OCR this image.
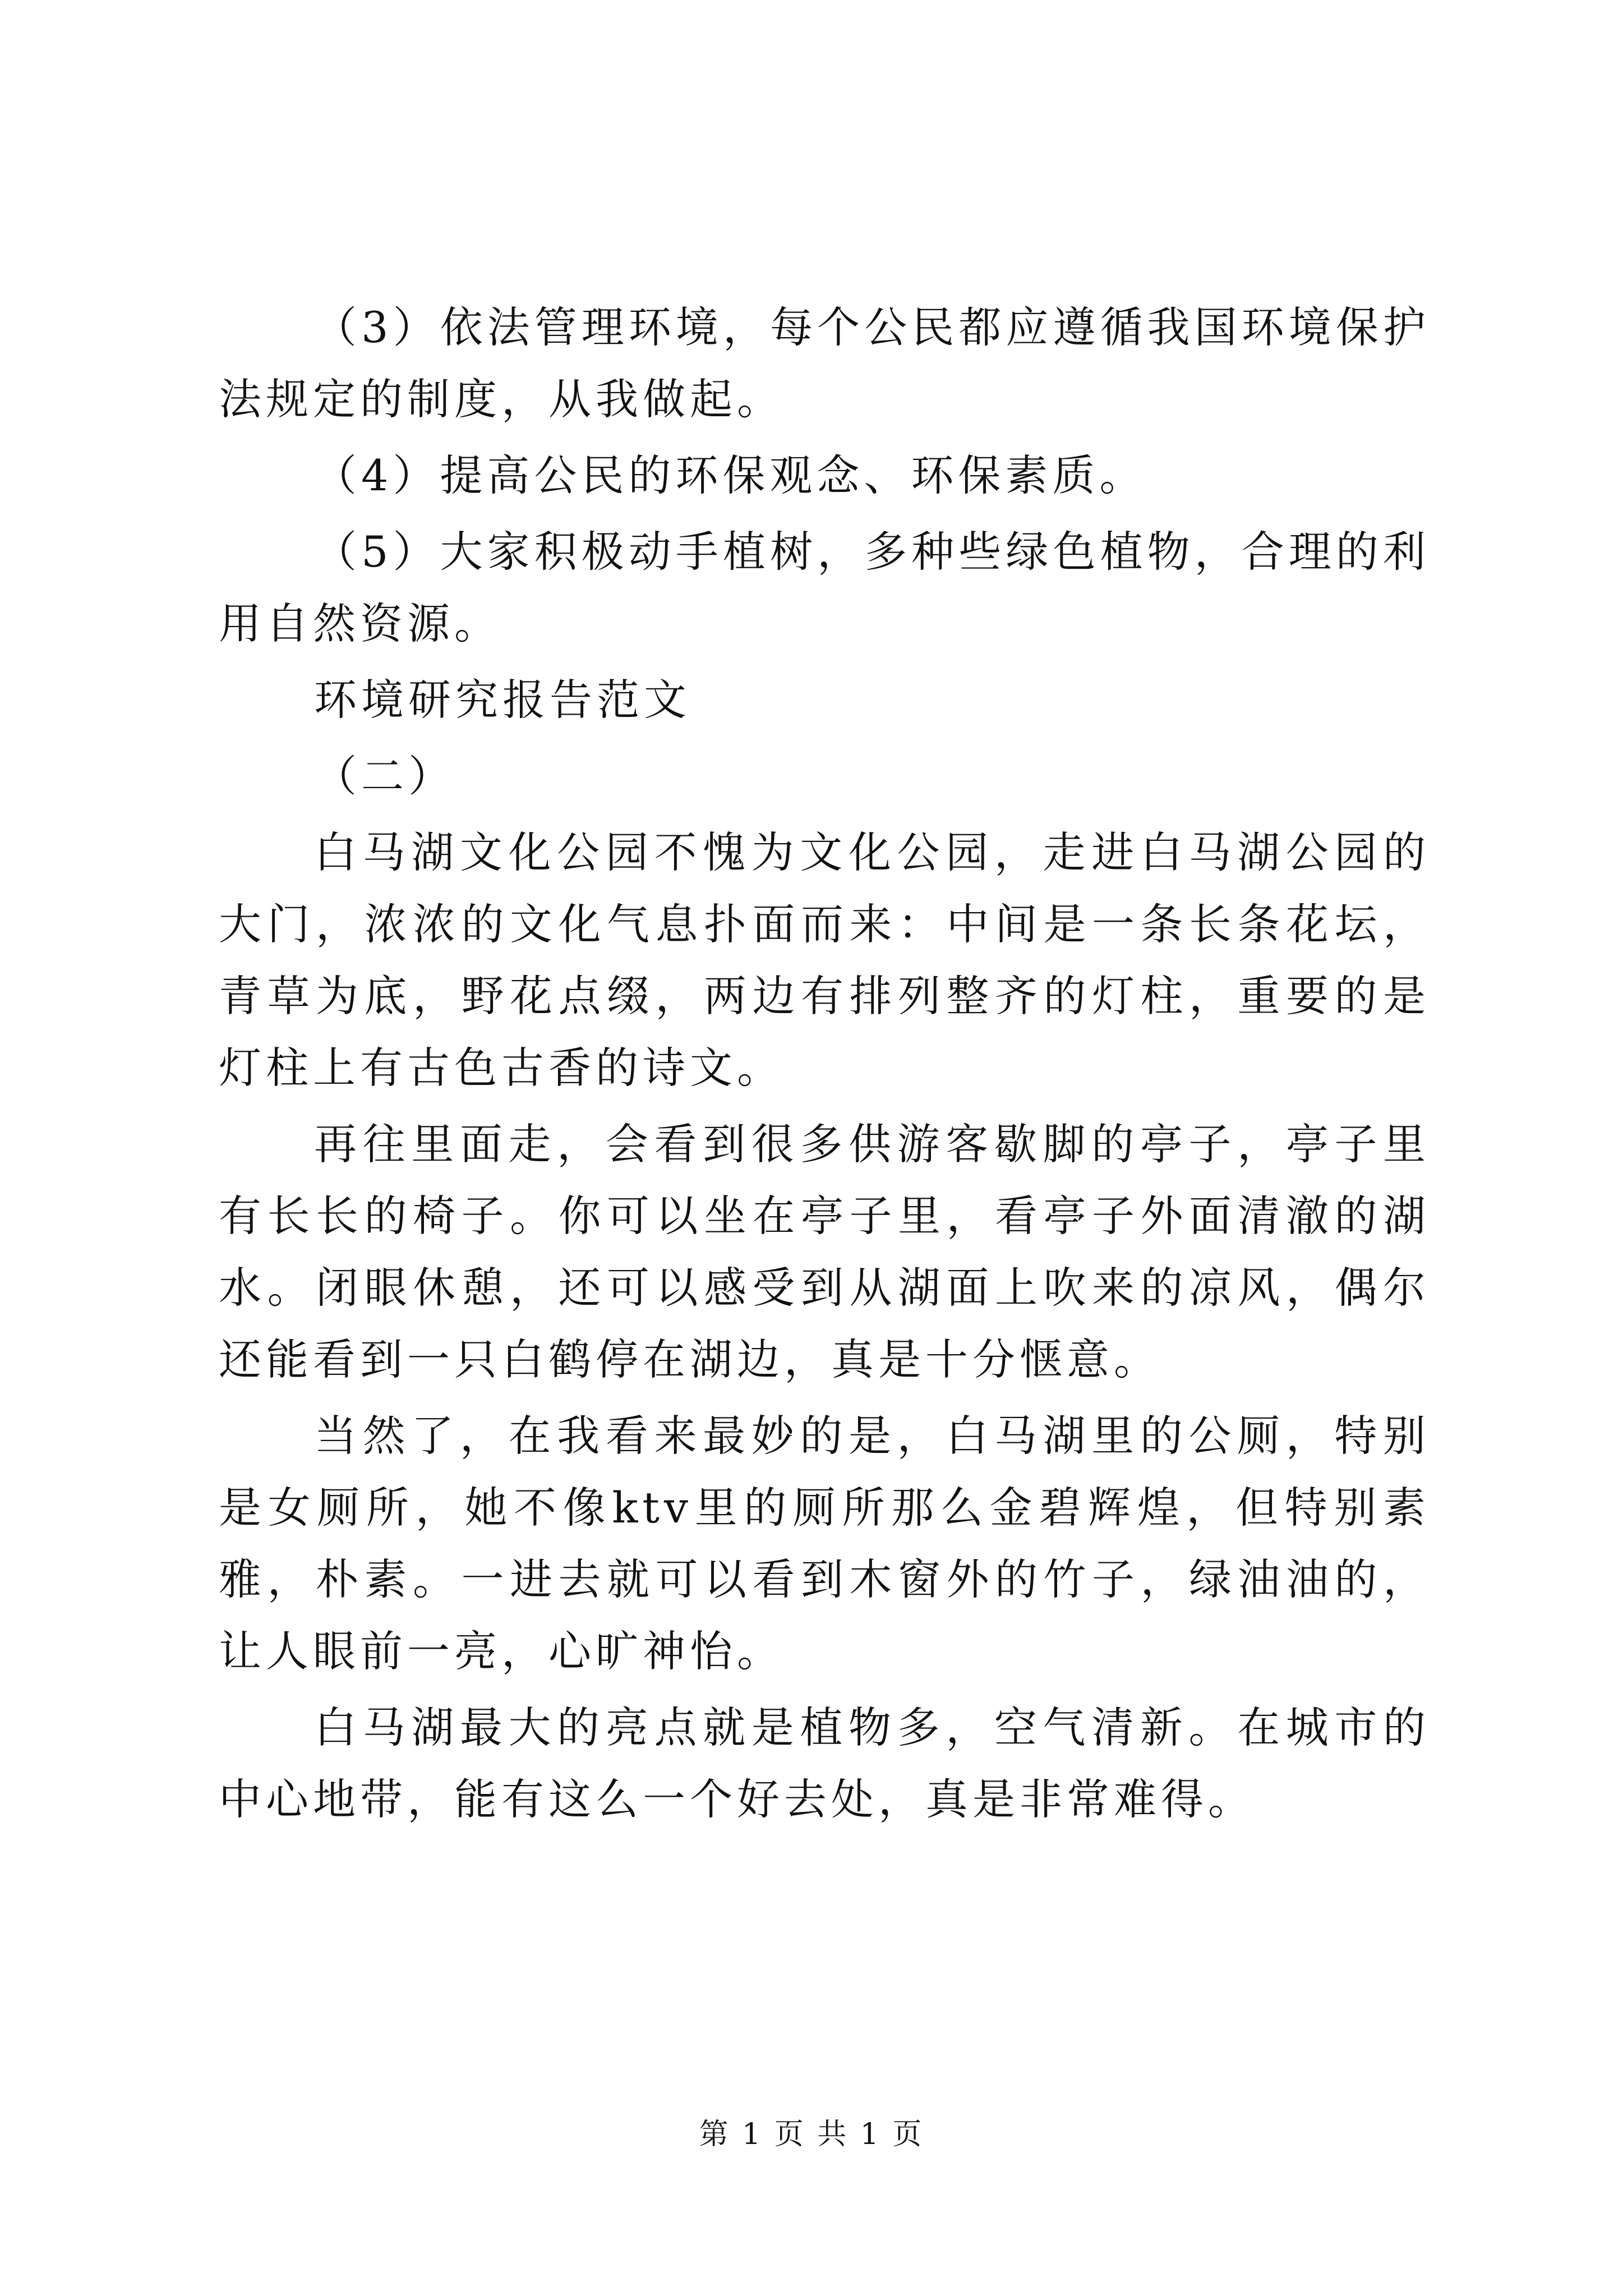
（3）依法管理环境，每个公民都应遵循我国环境保护法规定的制度，从我做起。

（4）提高公民的环保观念、环保素质。

（5）大家积极动手植树，多种些绿色植物，合理的利用自然资源。

环境研究报告范文

（二）

白马湖文化公园不愧为文化公园，走进白马湖公园的大门，浓浓的文化气息扑面而来：中间是一条长条花坛，青草为底，野花点缀，两边有排列整齐的灯柱，重要的是灯柱上有古色古香的诗文。

再往里面走，会看到很多供游客歇脚的亭子，亭子里有长长的椅子。你可以坐在亭子里，看亭子外面清澈的湖水。闭眼休憩，还可以感受到从湖面上吹来的凉风，偶尔还能看到一只白鹤停在湖边，真是十分惬意。

当然了，在我看来最妙的是，白马湖里的公厕，特别是女厕所，她不像ktv里的厕所那么金碧辉煌，但特别素雅，朴素。一进去就可以看到木窗外的竹子，绿油油的，让人眼前一亮，心旷神怡。

白马湖最大的亮点就是植物多，空气清新。在城市的中心地带，能有这么一个好去处，真是非常难得。

第 1 页 共 1 页
